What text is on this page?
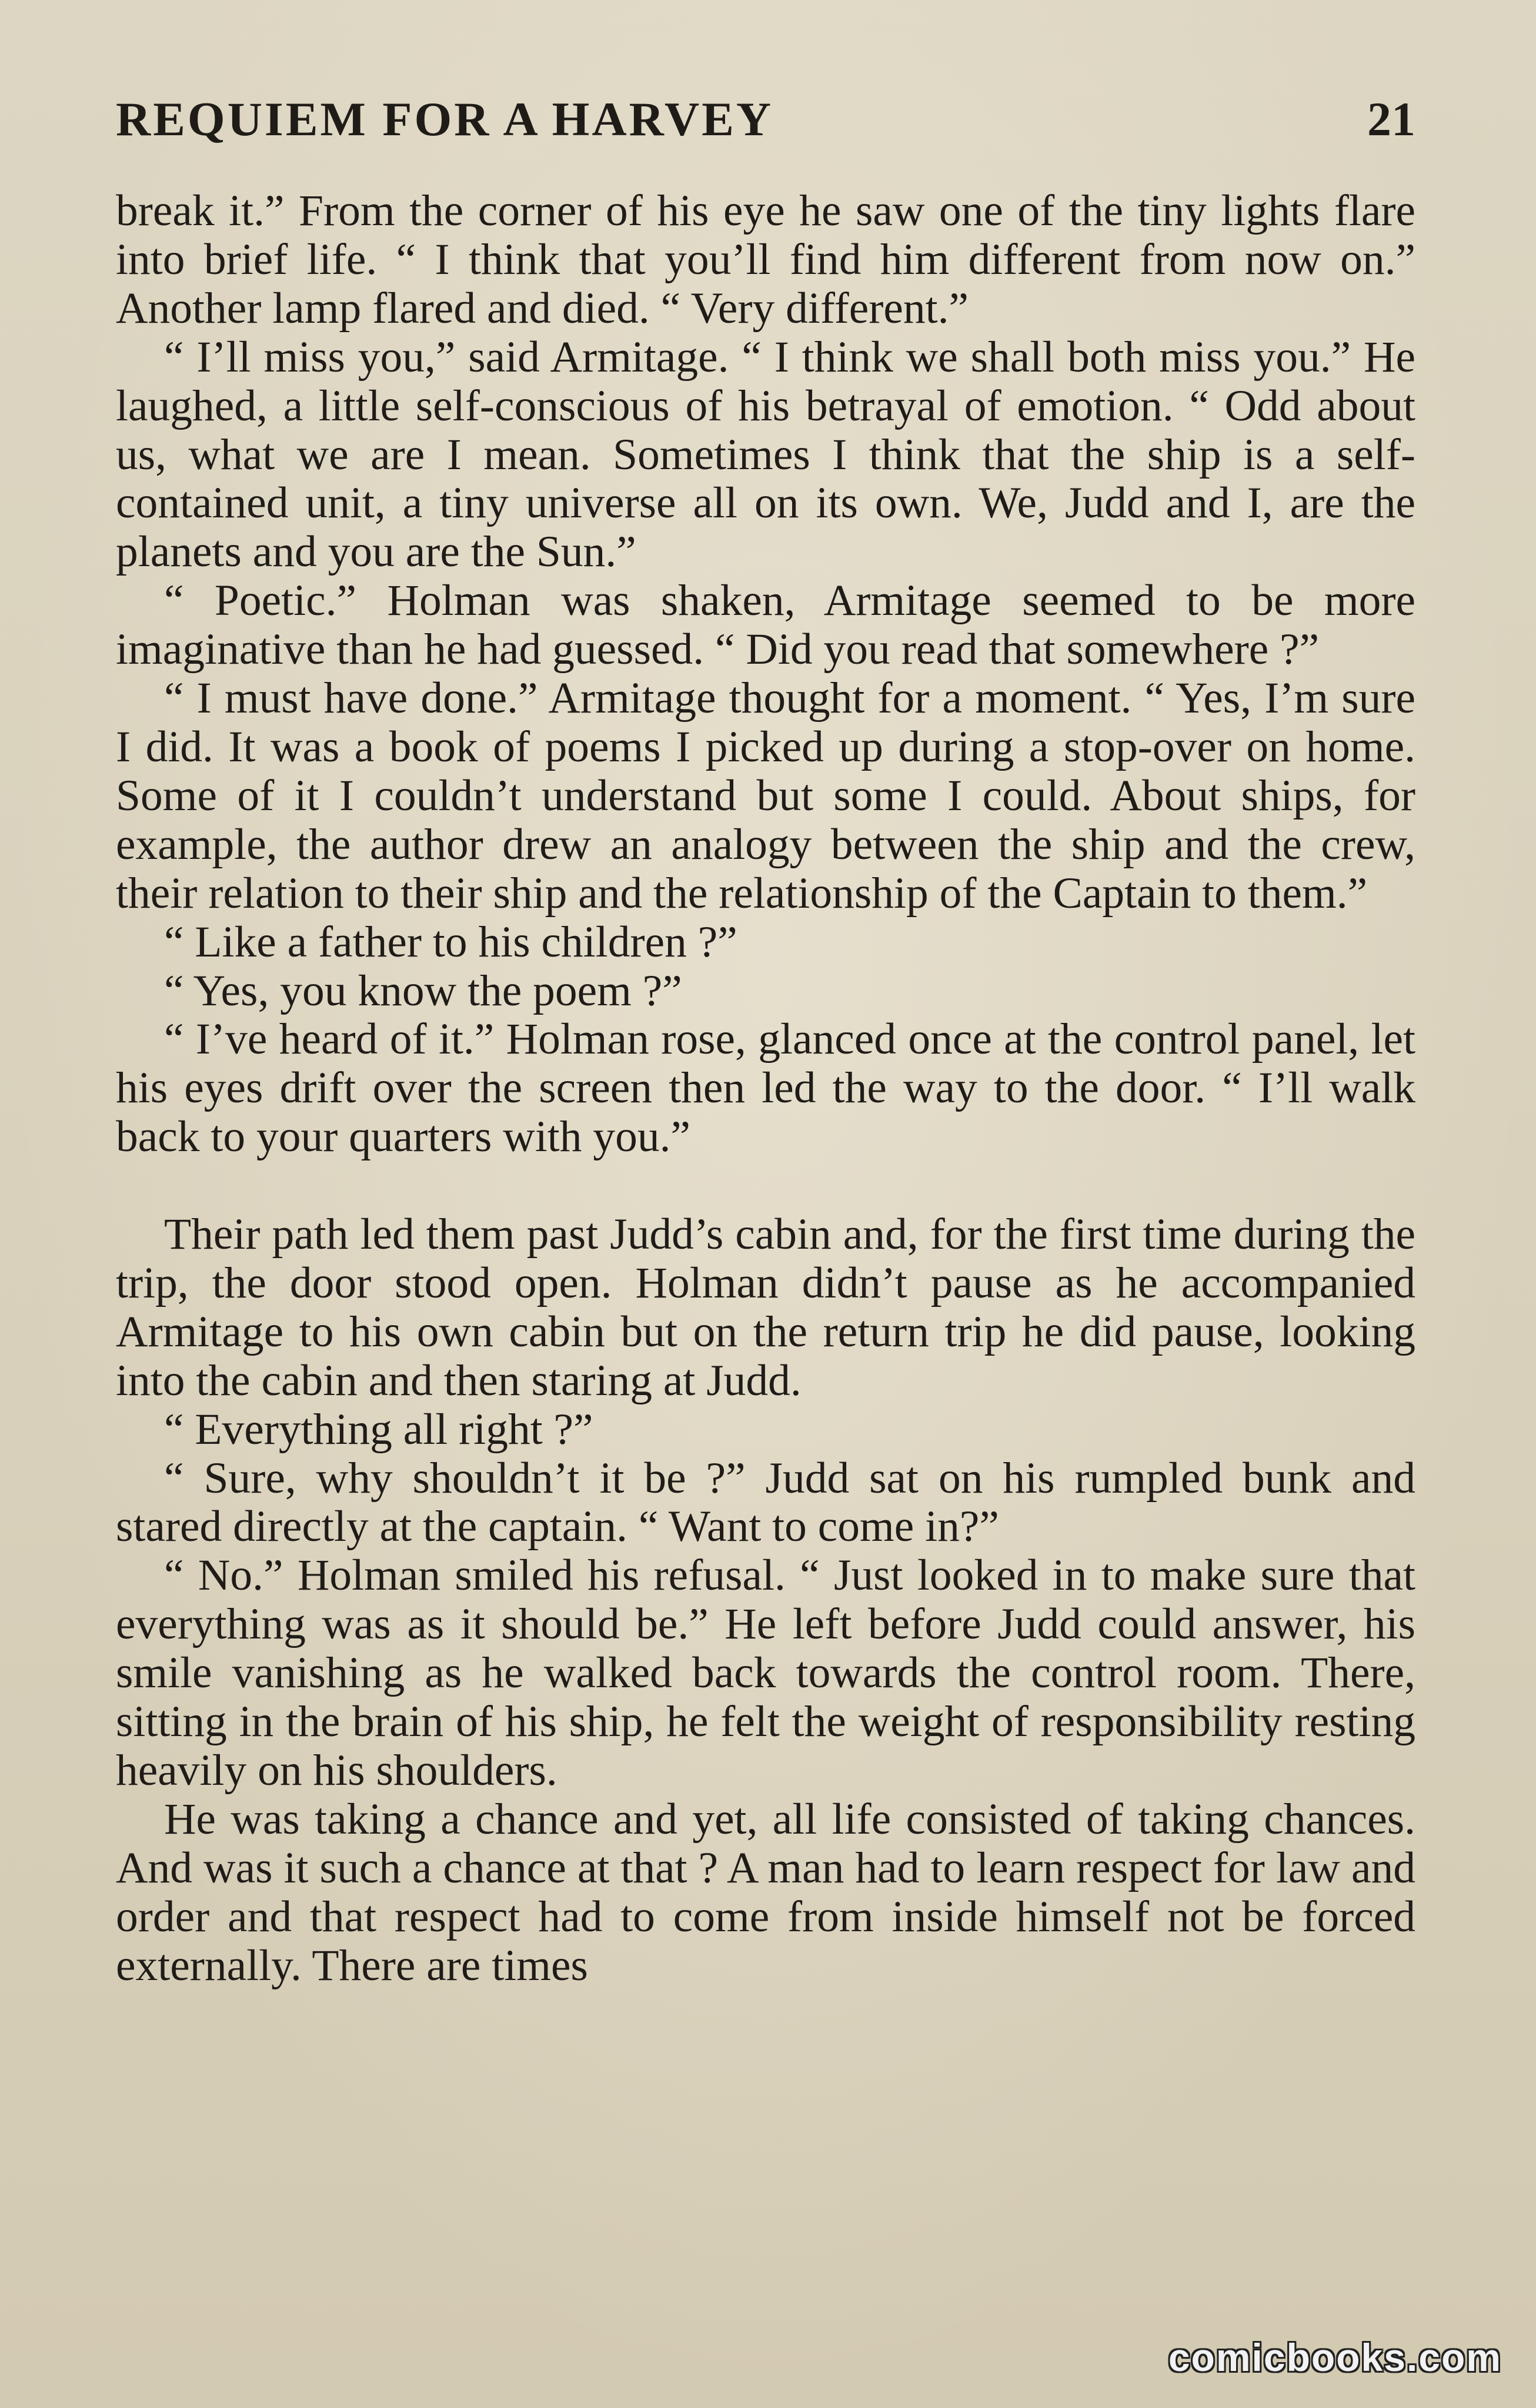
REQUIEM FOR A HARVEY	21

break it.” From the corner of his eye he saw one of the tiny lights flare into brief life. “ I think that you’ll find him different from now on.” Another lamp flared and died. “ Very different.”

“ I’ll miss you,” said Armitage. “ I think we shall both miss you.” He laughed, a little self-conscious of his betrayal of emotion. “ Odd about us, what we are I mean. Sometimes I think that the ship is a self-contained unit, a tiny universe all on its own. We, Judd and I, are the planets and you are the Sun.”

“ Poetic.” Holman was shaken, Armitage seemed to be more imaginative than he had guessed. “ Did you read that somewhere ?”

“ I must have done.” Armitage thought for a moment. “ Yes, I’m sure I did. It was a book of poems I picked up during a stop-over on home. Some of it I couldn’t understand but some I could. About ships, for example, the author drew an analogy between the ship and the crew, their relation to their ship and the relationship of the Captain to them.”

“ Like a father to his children ?”

“ Yes, you know the poem ?”

“ I’ve heard of it.” Holman rose, glanced once at the control panel, let his eyes drift over the screen then led the way to the door. “ I’ll walk back to your quarters with you.”

Their path led them past Judd’s cabin and, for the first time during the trip, the door stood open. Holman didn’t pause as he accompanied Armitage to his own cabin but on the return trip he did pause, looking into the cabin and then staring at Judd.

“ Everything all right ?”

“ Sure, why shouldn’t it be ?” Judd sat on his rumpled bunk and stared directly at the captain. “ Want to come in?”

“ No.” Holman smiled his refusal. “ Just looked in to make sure that everything was as it should be.” He left before Judd could answer, his smile vanishing as he walked back towards the control room. There, sitting in the brain of his ship, he felt the weight of responsibility resting heavily on his shoulders.

He was taking a chance and yet, all life consisted of taking chances. And was it such a chance at that ? A man had to learn respect for law and order and that respect had to come from inside himself not be forced externally. There are times

comicbooks.com
